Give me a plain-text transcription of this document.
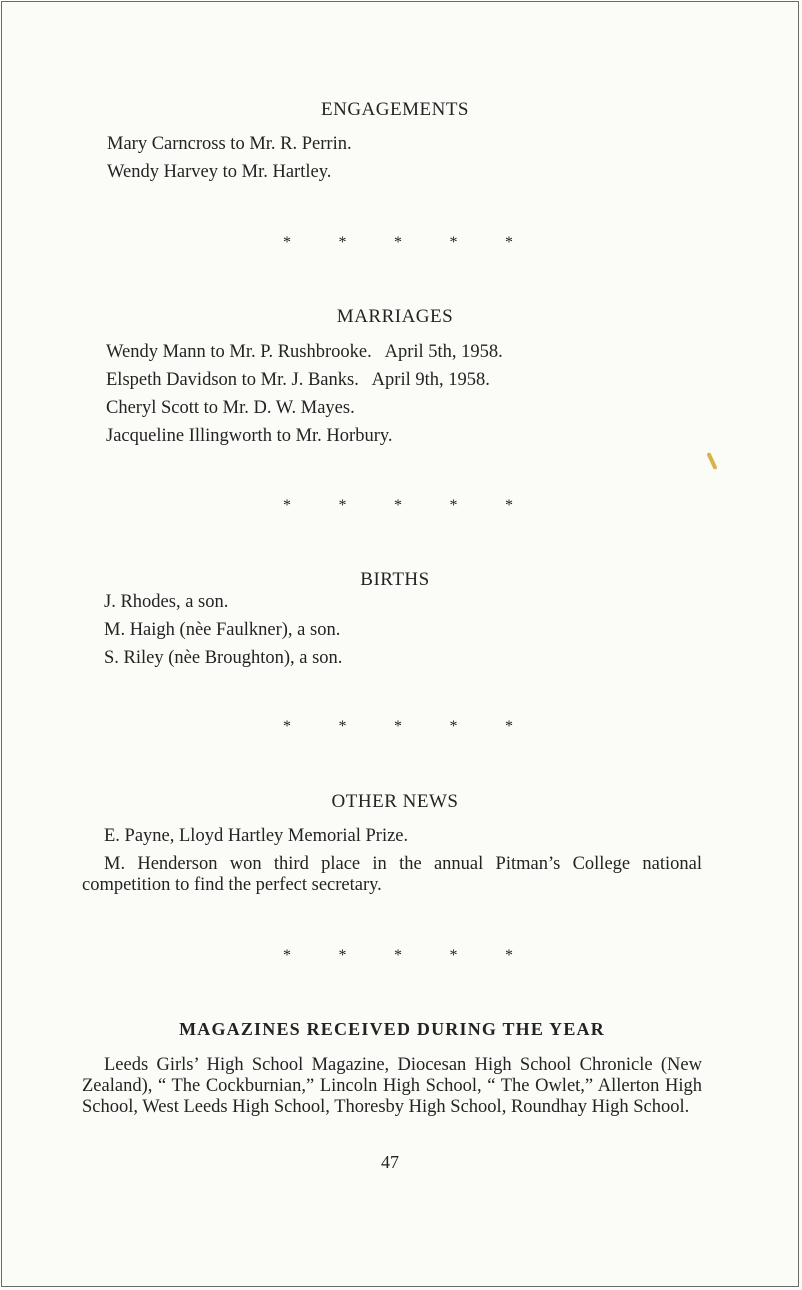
ENGAGEMENTS

Mary Carncross to Mr. R. Perrin.

Wendy Harvey to Mr. Hartley.

*	*	*	*	*
MARRIAGES

Wendy Mann to Mr. P. Rushbrooke.   April 5th, 1958.

Elspeth Davidson to Mr. J. Banks.   April 9th, 1958.

Cheryl Scott to Mr. D. W. Mayes.

Jacqueline Illingworth to Mr. Horbury.

*	*	*	*	*
BIRTHS

J. Rhodes, a son.

M. Haigh (nèe Faulkner), a son.

S. Riley (nèe Broughton), a son.

*	*	*	*	*
OTHER NEWS

E. Payne, Lloyd Hartley Memorial Prize.

M. Henderson won third place in the annual Pitman’s College national competition to find the perfect secretary.

*	*	*	*	*
MAGAZINES RECEIVED DURING THE YEAR

Leeds Girls’ High School Magazine, Diocesan High School Chronicle (New Zealand), “ The Cockburnian,” Lincoln High School, “ The Owlet,” Allerton High School, West Leeds High School, Thoresby High School, Roundhay High School.

47
